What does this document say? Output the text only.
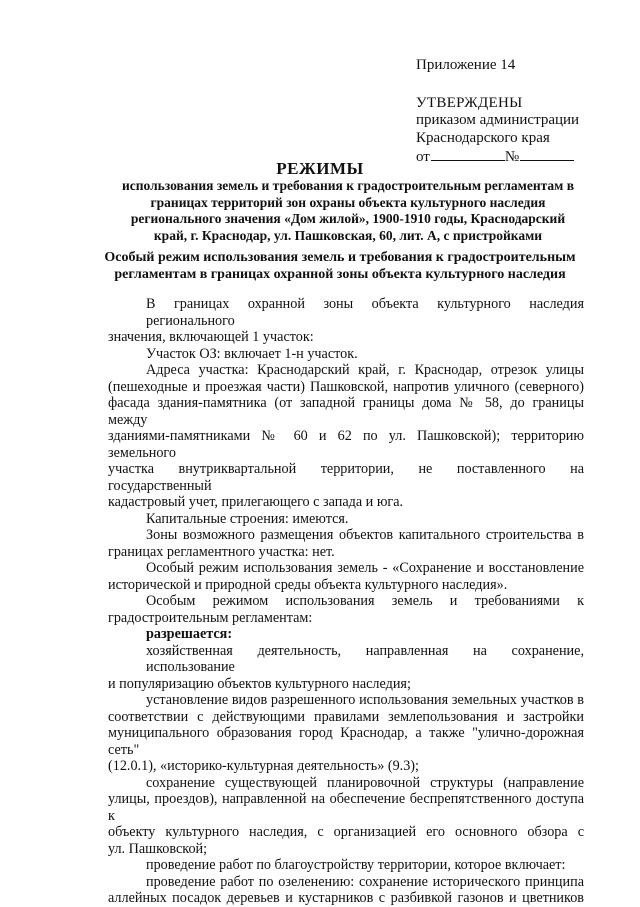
Приложение 14
УТВЕРЖДЕНЫ
приказом администрации
Краснодарского края
от	№
РЕЖИМЫ
использования земель и требования к градостроительным регламентам в
границах территорий зон охраны объекта культурного наследия
регионального значения «Дом жилой», 1900-1910 годы, Краснодарский
край, г. Краснодар, ул. Пашковская, 60, лит. А, с пристройками
Особый режим использования земель и требования к градостроительным
регламентам в границах охранной зоны объекта культурного наследия
В границах охранной зоны объекта культурного наследия регионального
значения, включающей 1 участок:
Участок ОЗ: включает 1-н участок.
Адреса участка: Краснодарский край, г. Краснодар, отрезок улицы
(пешеходные и проезжая части) Пашковской, напротив уличного (северного)
фасада здания-памятника (от западной границы дома № 58, до границы между
зданиями-памятниками № 60 и 62 по ул. Пашковской); территорию земельного
участка внутриквартальной территории, не поставленного на государственный
кадастровый учет, прилегающего с запада и юга.
Капитальные строения: имеются.
Зоны возможного размещения объектов капитального строительства в
границах регламентного участка: нет.
Особый режим использования земель - «Сохранение и восстановление
исторической и природной среды объекта культурного наследия».
Особым режимом использования земель и требованиями к
градостроительным регламентам:
разрешается:
хозяйственная деятельность, направленная на сохранение, использование
и популяризацию объектов культурного наследия;
установление видов разрешенного использования земельных участков в
соответствии с действующими правилами землепользования и застройки
муниципального образования город Краснодар, а также "улично-дорожная сеть"
(12.0.1), «историко-культурная деятельность» (9.3);
сохранение существующей планировочной структуры (направление
улицы, проездов), направленной на обеспечение беспрепятственного доступа к
объекту культурного наследия, с организацией его основного обзора с
ул. Пашковской;
проведение работ по благоустройству территории, которое включает:
проведение работ по озеленению: сохранение исторического принципа
аллейных посадок деревьев и кустарников с разбивкой газонов и цветников
